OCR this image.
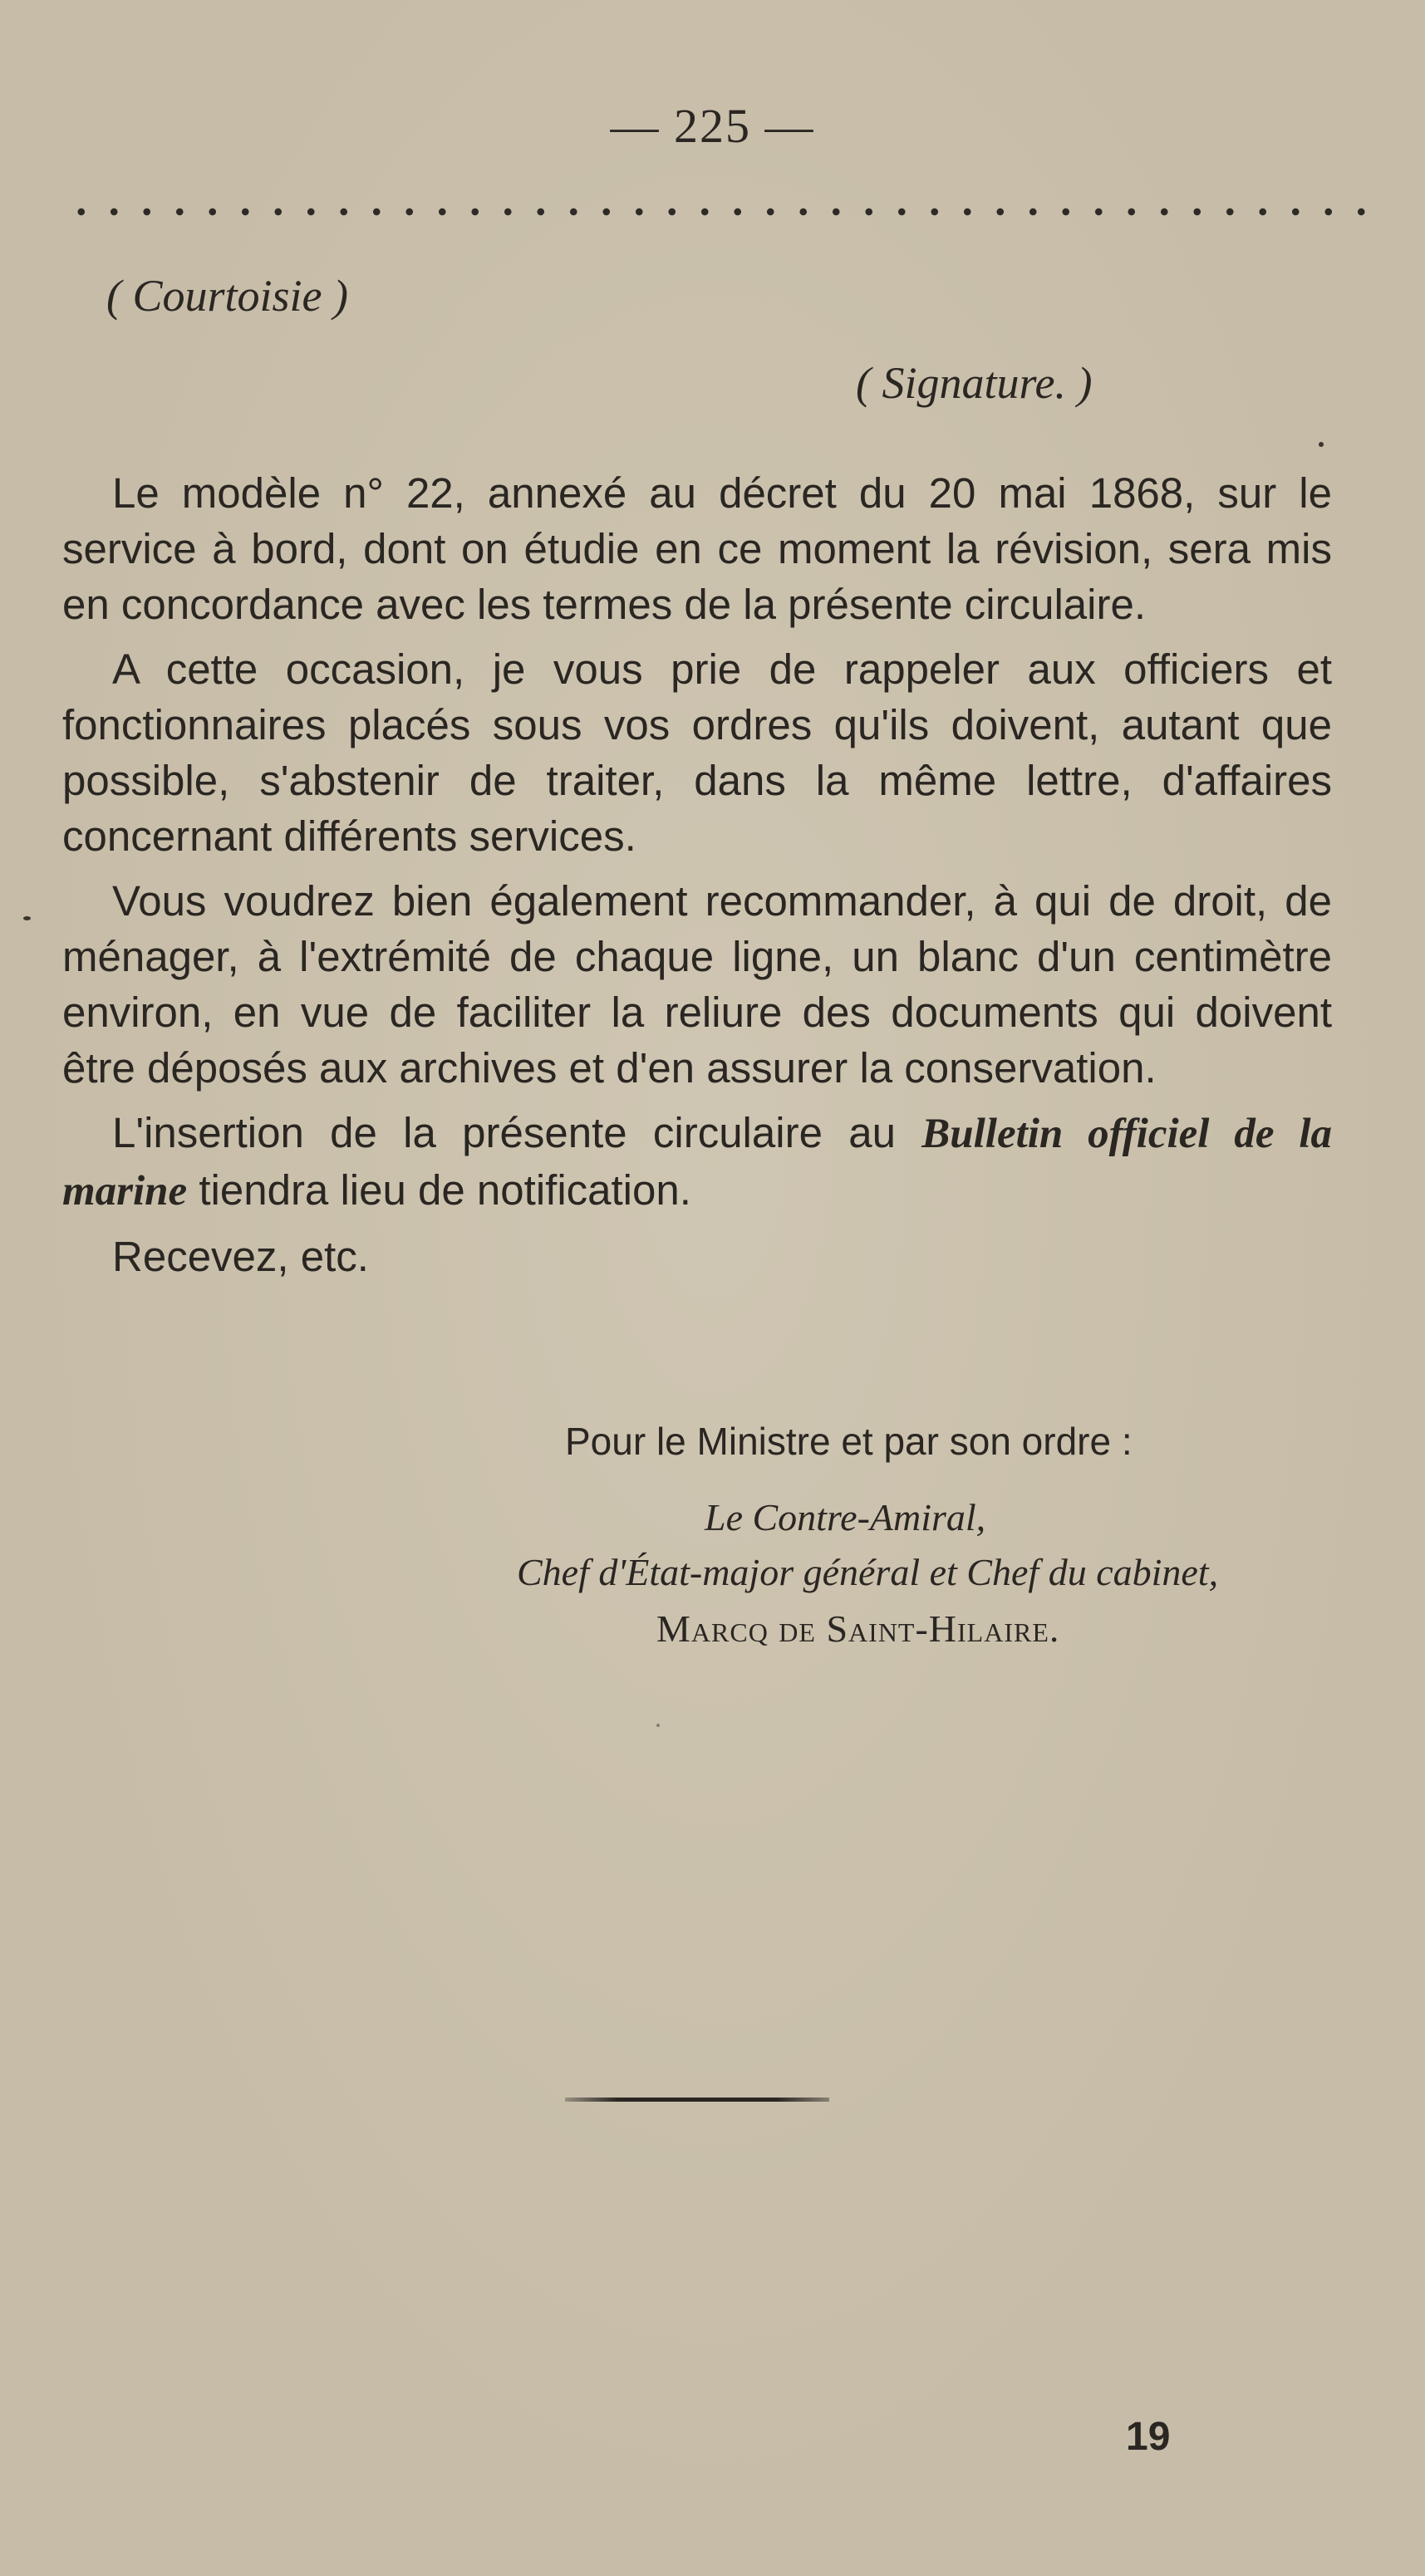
— 225 —
( Courtoisie )
( Signature. )

Le modèle n° 22, annexé au décret du 20 mai 1868, sur le service à bord, dont on étudie en ce moment la révision, sera mis en concordance avec les termes de la présente circulaire.

A cette occasion, je vous prie de rappeler aux officiers et fonctionnaires placés sous vos ordres qu'ils doivent, autant que possible, s'abstenir de traiter, dans la même lettre, d'affaires concernant différents services.

Vous voudrez bien également recommander, à qui de droit, de ménager, à l'extrémité de chaque ligne, un blanc d'un centimètre environ, en vue de faciliter la reliure des documents qui doivent être déposés aux archives et d'en assurer la conservation.

L'insertion de la présente circulaire au Bulletin officiel de la marine tiendra lieu de notification.

Recevez, etc.

Pour le Ministre et par son ordre :
Le Contre-Amiral,
Chef d'État-major général et Chef du cabinet,
Marcq de Saint-Hilaire.
19
